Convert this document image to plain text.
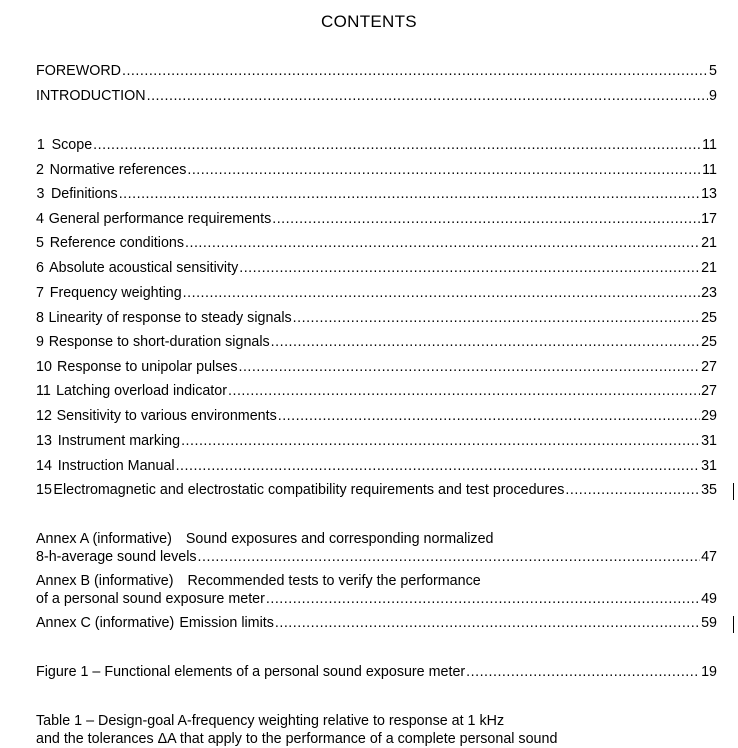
CONTENTS
FOREWORD .....	5
INTRODUCTION .....	9
1 Scope .....	11
2 Normative references .....	11
3 Definitions .....	13
4 General performance requirements .....	17
5 Reference conditions .....	21
6 Absolute acoustical sensitivity .....	21
7 Frequency weighting .....	23
8 Linearity of response to steady signals .....	25
9 Response to short-duration signals .....	25
10 Response to unipolar pulses .....	27
11 Latching overload indicator .....	27
12 Sensitivity to various environments .....	29
13 Instrument marking .....	31
14 Instruction Manual .....	31
15 Electromagnetic and electrostatic compatibility requirements and test procedures .....	35
Annex A (informative) Sound exposures and corresponding normalized
8-h-average sound levels .....	47
Annex B (informative) Recommended tests to verify the performance
of a personal sound exposure meter .....	49
Annex C (informative) Emission limits .....	59
Figure 1 – Functional elements of a personal sound exposure meter .....	19
Table 1 – Design-goal A-frequency weighting relative to response at 1 kHz
and the tolerances ΔA that apply to the performance of a complete personal sound
